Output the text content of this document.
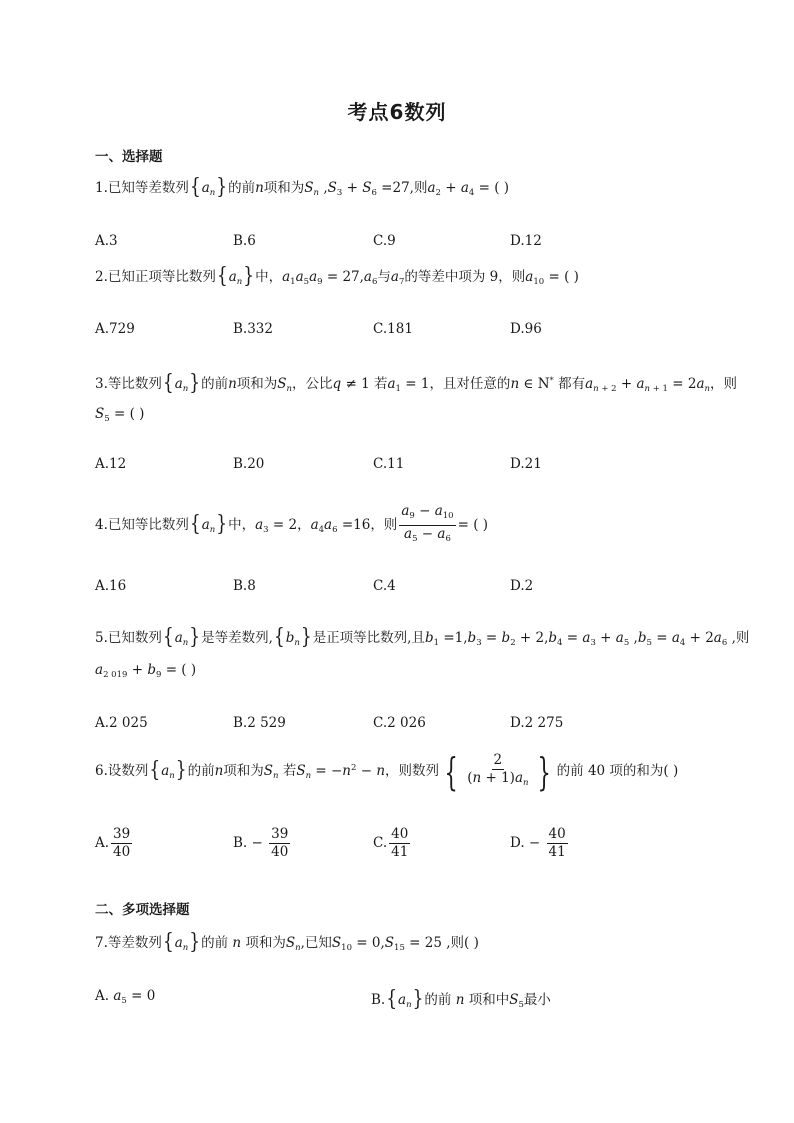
考点6数列
一、选择题
1.已知等差数列$\{a_n\}$的前n项和为$S_n$ $,S_3 + S_6 =27$,则$a_2 + a_4$ = ( )
A.3	B.6	C.9	D.12
2.已知正项等比数列$\{a_n\}$中，$a_1a_5a_9 = 27,a_6$与$a_7$的等差中项为 9，则$a_{10}$ = ( )
A.729	B.332	C.181	D.96
3.等比数列$\{a_n\}$的前n项和为$S_n$，公比q ≠ 1 若$a_1 = 1$，且对任意的n ∈ N* 都有$a_{n + 2} + a_{n + 1} = 2a_n$，则
$S_5$ = ( )
A.12	B.20	C.11	D.21
4.已知等比数列$\{a_n\}$中，$a_3 = 2$，$a_4a_6 =16$，则 $\frac{a_9 - a_{10}}{a_5 - a_6}$ = ( )
A.16	B.8	C.4	D.2
5.已知数列$\{a_n\}$是等差数列$,\{b_n\}$是正项等比数列,且$b_1 =1,b_3 = b_2 + 2,b_4 = a_3 + a_5$ $,b_5 = a_4 + 2a_6$ ,则
$a_{2 019} + b_9$ = ( )
A.2 025	B.2 529	C.2 026	D.2 275
6.设数列$\{a_n\}$的前n项和为$S_n$ 若$S_n = -n^2 - n$，则数列 { $\frac{2}{(n + 1)a_n}$ } 的前 40 项的和为( )
A. $\frac{39}{40}$	B. − $\frac{39}{40}$	C. $\frac{40}{41}$	D. − $\frac{40}{41}$
二、多项选择题
7.等差数列$\{a_n\}$的前 n 项和为$S_n$,已知$S_{10} = 0,S_{15} = 25$ ,则( )
A. $a_5 = 0$	$B.\{a_n\}$的前 n 项和中$S_5$最小
